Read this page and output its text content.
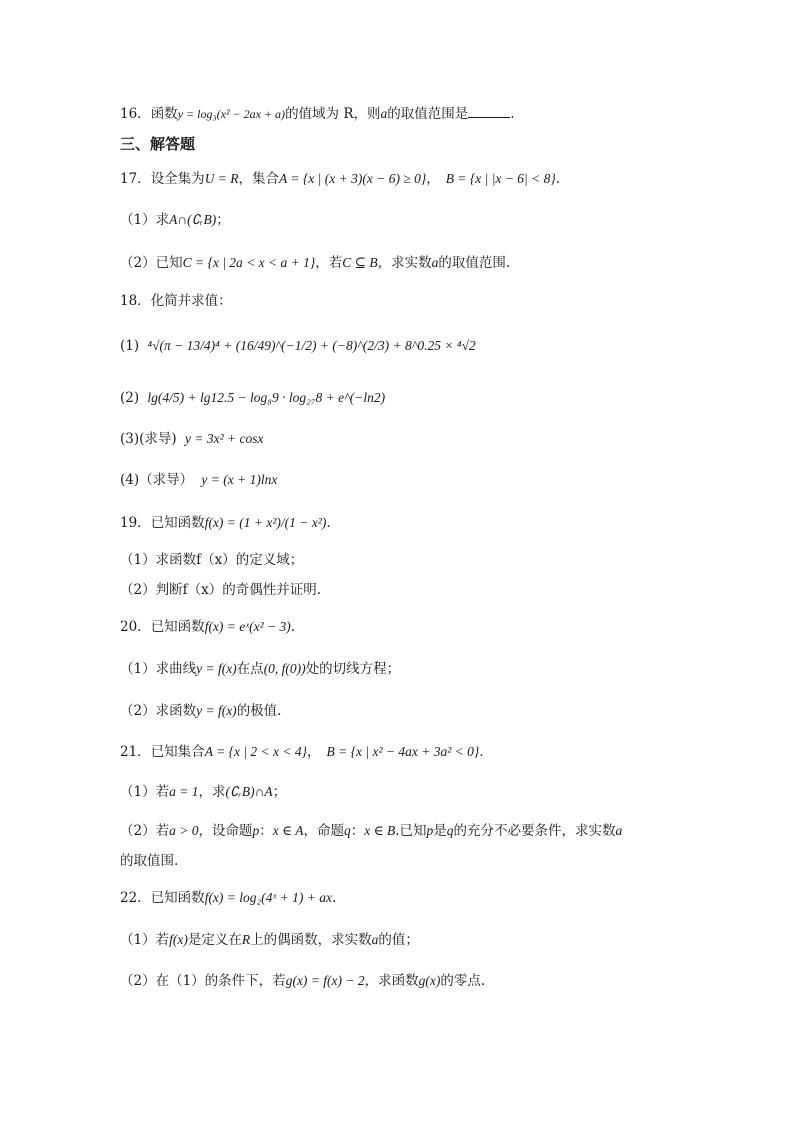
16．函数y = log₃(x² − 2ax + a)的值域为 R，则a的取值范围是	.
三、解答题
17．设全集为U = R，集合A = {x | (x + 3)(x − 6) ≥ 0}， B = {x | |x − 6| < 8}.
（1）求A∩(∁ᵣB)；
（2）已知C = {x | 2a < x < a + 1}，若C ⊆ B，求实数a的取值范围.
18．化简并求值：
(1) ⁴√(π − 13/4)⁴ + (16/49)^(−1/2) + (−8)^(2/3) + 8^0.25 × ⁴√2
(2) lg(4/5) + lg12.5 − log₈9 · log₂₇8 + e^(−ln2)
(3)(求导) y = 3x² + cosx
(4)（求导） y = (x + 1)lnx
19．已知函数f(x) = (1 + x²)/(1 − x²).
（1）求函数f（x）的定义域；
（2）判断f（x）的奇偶性并证明.
20．已知函数f(x) = eˣ(x² − 3).
（1）求曲线y = f(x)在点(0, f(0))处的切线方程；
（2）求函数y = f(x)的极值.
21．已知集合A = {x | 2 < x < 4}， B = {x | x² − 4ax + 3a² < 0}.
（1）若a = 1，求(∁ᵣB)∩A；
（2）若a > 0，设命题p：x ∈ A，命题q：x ∈ B.已知p是q的充分不必要条件，求实数a
的取值围.
22．已知函数f(x) = log₂(4ˣ + 1) + ax.
（1）若f(x)是定义在R上的偶函数，求实数a的值；
（2）在（1）的条件下，若g(x) = f(x) − 2，求函数g(x)的零点.
